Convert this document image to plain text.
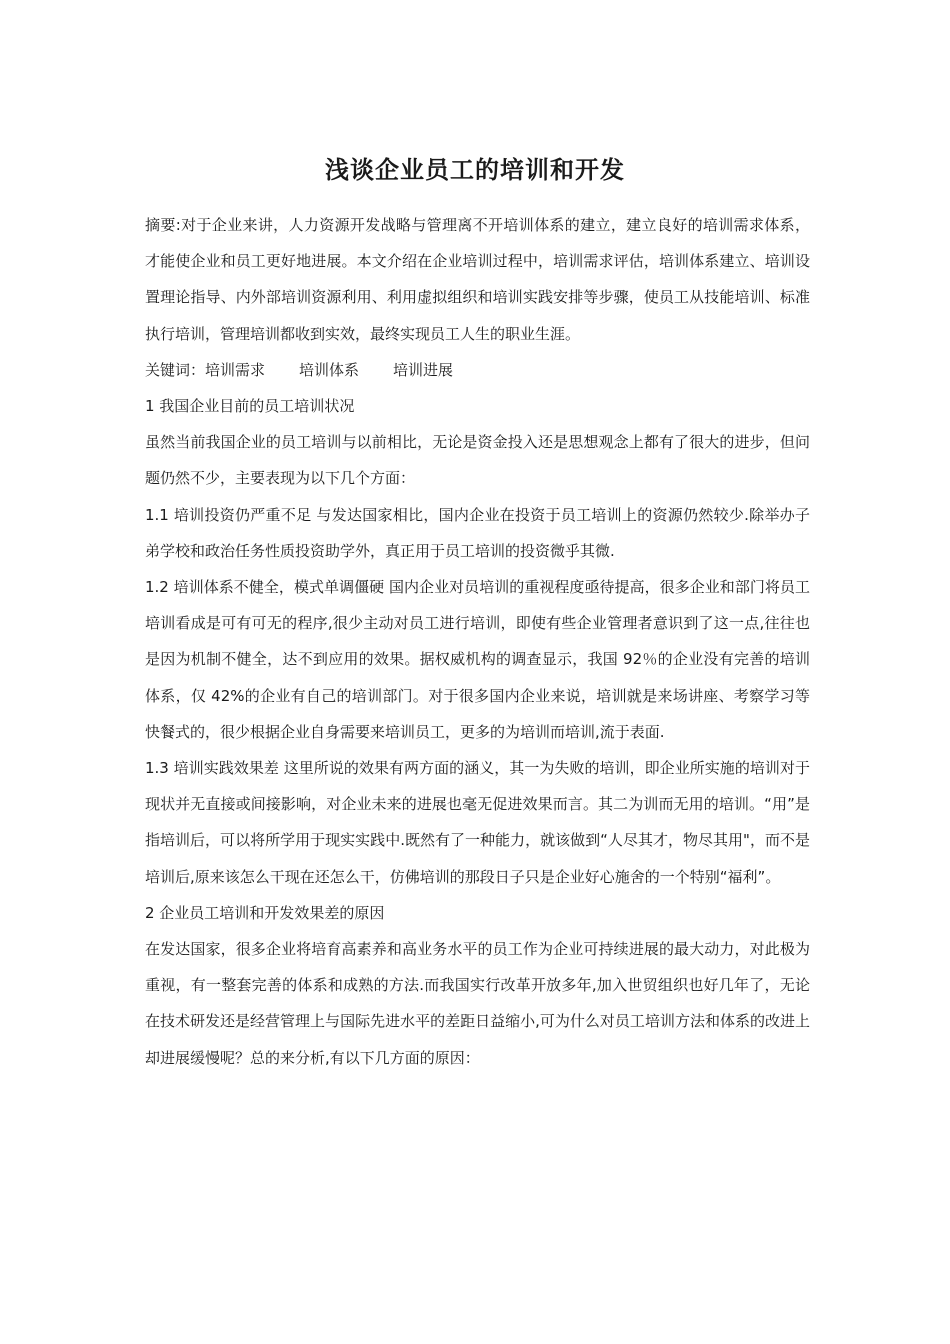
浅谈企业员工的培训和开发

摘要:对于企业来讲，人力资源开发战略与管理离不开培训体系的建立，建立良好的培训需求体系，才能使企业和员工更好地进展。本文介绍在企业培训过程中，培训需求评估，培训体系建立、培训设置理论指导、内外部培训资源利用、利用虚拟组织和培训实践安排等步骤，使员工从技能培训、标准执行培训，管理培训都收到实效，最终实现员工人生的职业生涯。

关键词：培训需求 培训体系 培训进展

1 我国企业目前的员工培训状况

虽然当前我国企业的员工培训与以前相比，无论是资金投入还是思想观念上都有了很大的进步，但问题仍然不少，主要表现为以下几个方面：

1.1 培训投资仍严重不足 与发达国家相比，国内企业在投资于员工培训上的资源仍然较少.除举办子弟学校和政治任务性质投资助学外，真正用于员工培训的投资微乎其微.

1.2 培训体系不健全，模式单调僵硬 国内企业对员培训的重视程度亟待提高，很多企业和部门将员工培训看成是可有可无的程序,很少主动对员工进行培训，即使有些企业管理者意识到了这一点,往往也是因为机制不健全，达不到应用的效果。据权威机构的调查显示，我国 92％的企业没有完善的培训体系，仅 42%的企业有自己的培训部门。对于很多国内企业来说，培训就是来场讲座、考察学习等快餐式的，很少根据企业自身需要来培训员工，更多的为培训而培训,流于表面.

1.3 培训实践效果差 这里所说的效果有两方面的涵义，其一为失败的培训，即企业所实施的培训对于现状并无直接或间接影响，对企业未来的进展也毫无促进效果而言。其二为训而无用的培训。“用”是指培训后，可以将所学用于现实实践中.既然有了一种能力，就该做到“人尽其才，物尽其用"，而不是培训后,原来该怎么干现在还怎么干，仿佛培训的那段日子只是企业好心施舍的一个特别“福利”。

2 企业员工培训和开发效果差的原因

在发达国家，很多企业将培育高素养和高业务水平的员工作为企业可持续进展的最大动力，对此极为重视，有一整套完善的体系和成熟的方法.而我国实行改革开放多年,加入世贸组织也好几年了，无论在技术研发还是经营管理上与国际先进水平的差距日益缩小,可为什么对员工培训方法和体系的改进上却进展缓慢呢？总的来分析,有以下几方面的原因：
